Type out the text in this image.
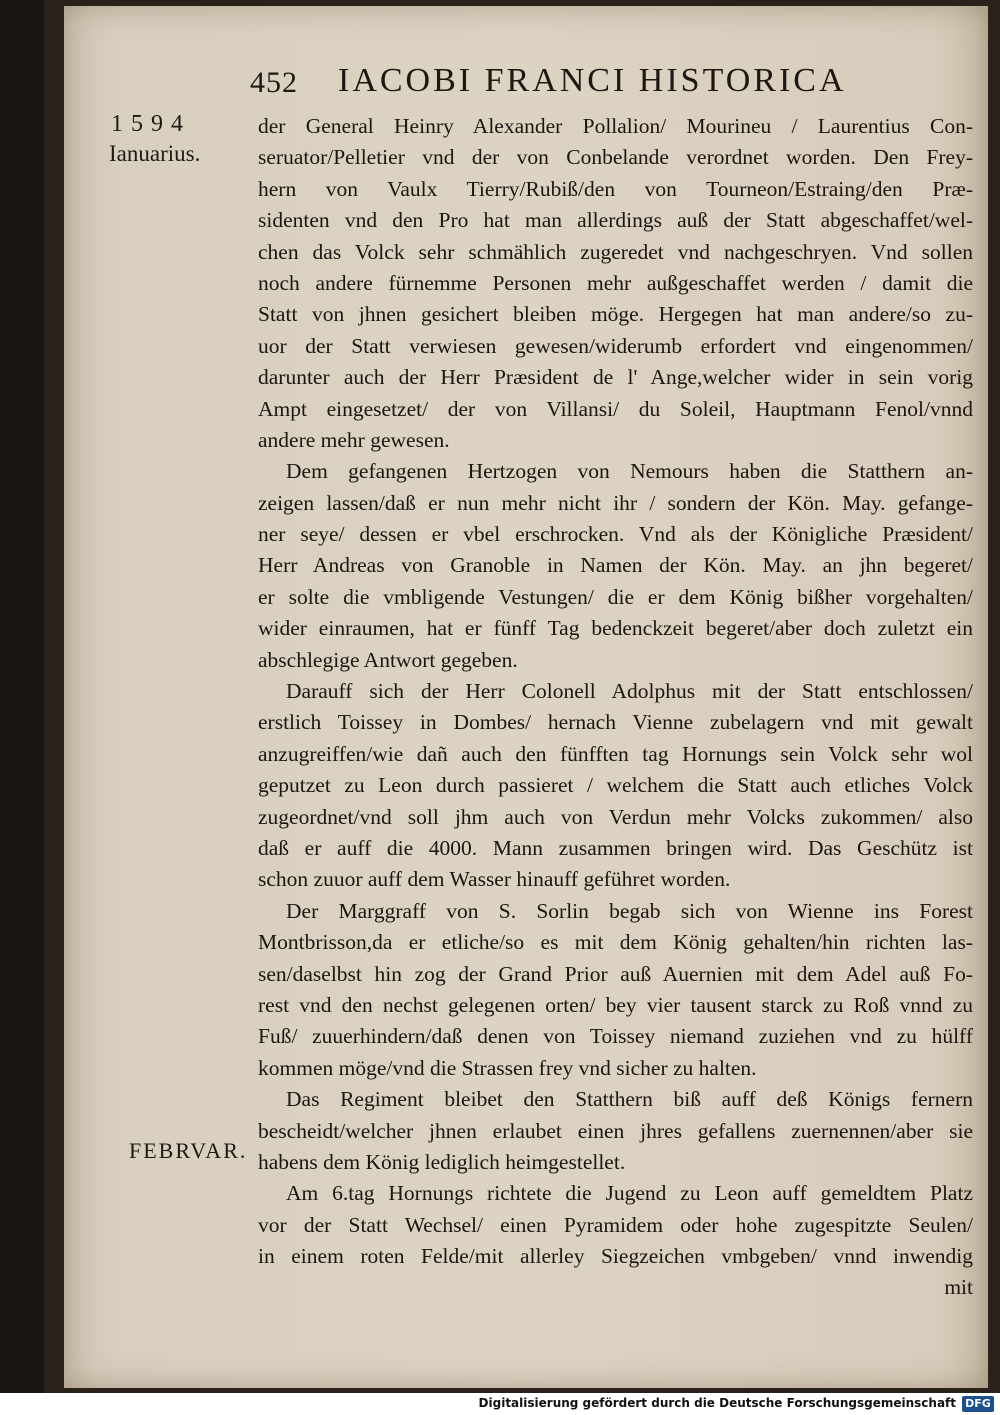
452 IACOBI FRANCI HISTORICA
1594
Ianuarius.
FEBRVAR.
der General Heinry Alexander Pollalion/ Mourineu / Laurentius Con-
seruator/Pelletier vnd der von Conbelande verordnet worden. Den Frey-
hern von Vaulx Tierry/Rubiß/den von Tourneon/Estraing/den Præ-
sidenten vnd den Pro hat man allerdings auß der Statt abgeschaffet/wel-
chen das Volck sehr schmählich zugeredet vnd nachgeschryen. Vnd sollen
noch andere fürnemme Personen mehr außgeschaffet werden / damit die
Statt von jhnen gesichert bleiben möge. Hergegen hat man andere/so zu-
uor der Statt verwiesen gewesen/widerumb erfordert vnd eingenommen/
darunter auch der Herr Præsident de l' Ange,welcher wider in sein vorig
Ampt eingesetzet/ der von Villansi/ du Soleil, Hauptmann Fenol/vnnd
andere mehr gewesen.
Dem gefangenen Hertzogen von Nemours haben die Statthern an-
zeigen lassen/daß er nun mehr nicht ihr / sondern der Kön. May. gefange-
ner seye/ dessen er vbel erschrocken. Vnd als der Königliche Præsident/
Herr Andreas von Granoble in Namen der Kön. May. an jhn begeret/
er solte die vmbligende Vestungen/ die er dem König bißher vorgehalten/
wider einraumen, hat er fünff Tag bedenckzeit begeret/aber doch zuletzt ein
abschlegige Antwort gegeben.
Darauff sich der Herr Colonell Adolphus mit der Statt entschlossen/
erstlich Toissey in Dombes/ hernach Vienne zubelagern vnd mit gewalt
anzugreiffen/wie dañ auch den fünfften tag Hornungs sein Volck sehr wol
geputzet zu Leon durch passieret / welchem die Statt auch etliches Volck
zugeordnet/vnd soll jhm auch von Verdun mehr Volcks zukommen/ also
daß er auff die 4000. Mann zusammen bringen wird. Das Geschütz ist
schon zuuor auff dem Wasser hinauff geführet worden.
Der Marggraff von S. Sorlin begab sich von Wienne ins Forest
Montbrisson,da er etliche/so es mit dem König gehalten/hin richten las-
sen/daselbst hin zog der Grand Prior auß Auernien mit dem Adel auß Fo-
rest vnd den nechst gelegenen orten/ bey vier tausent starck zu Roß vnnd zu
Fuß/ zuuerhindern/daß denen von Toissey niemand zuziehen vnd zu hülff
kommen möge/vnd die Strassen frey vnd sicher zu halten.
Das Regiment bleibet den Statthern biß auff deß Königs fernern
bescheidt/welcher jhnen erlaubet einen jhres gefallens zuernennen/aber sie
habens dem König lediglich heimgestellet.
Am 6.tag Hornungs richtete die Jugend zu Leon auff gemeldtem Platz
vor der Statt Wechsel/ einen Pyramidem oder hohe zugespitzte Seulen/
in einem roten Felde/mit allerley Siegzeichen vmbgeben/ vnnd inwendig
mit
Digitalisierung gefördert durch die Deutsche Forschungsgemeinschaft DFG
